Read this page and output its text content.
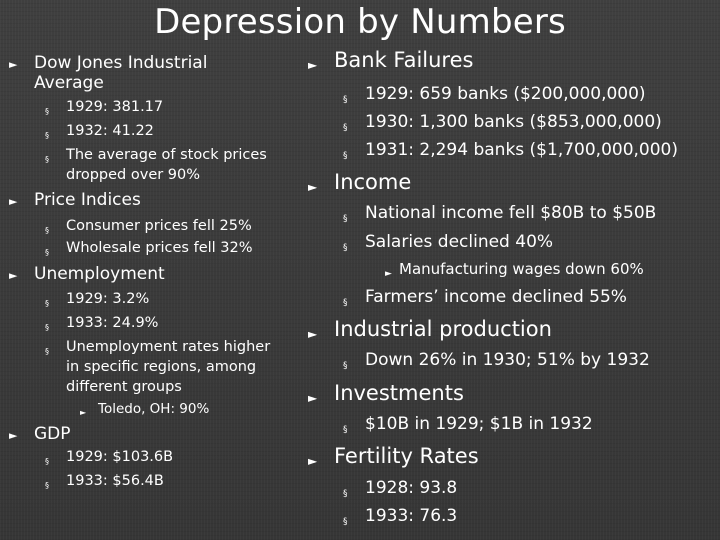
Depression by Numbers
► Dow Jones Industrial
Average
§ 1929: 381.17
§ 1932: 41.22
§ The average of stock prices
dropped over 90%
► Price Indices
§ Consumer prices fell 25%
§ Wholesale prices fell 32%
► Unemployment
§ 1929: 3.2%
§ 1933: 24.9%
§ Unemployment rates higher
in specific regions, among
different groups
► Toledo, OH: 90%
► GDP
§ 1929: $103.6B
§ 1933: $56.4B
► Bank Failures
§ 1929: 659 banks ($200,000,000)
§ 1930: 1,300 banks ($853,000,000)
§ 1931: 2,294 banks ($1,700,000,000)
► Income
§ National income fell $80B to $50B
§ Salaries declined 40%
► Manufacturing wages down 60%
§ Farmers’ income declined 55%
► Industrial production
§ Down 26% in 1930; 51% by 1932
► Investments
§ $10B in 1929; $1B in 1932
► Fertility Rates
§ 1928: 93.8
§ 1933: 76.3
